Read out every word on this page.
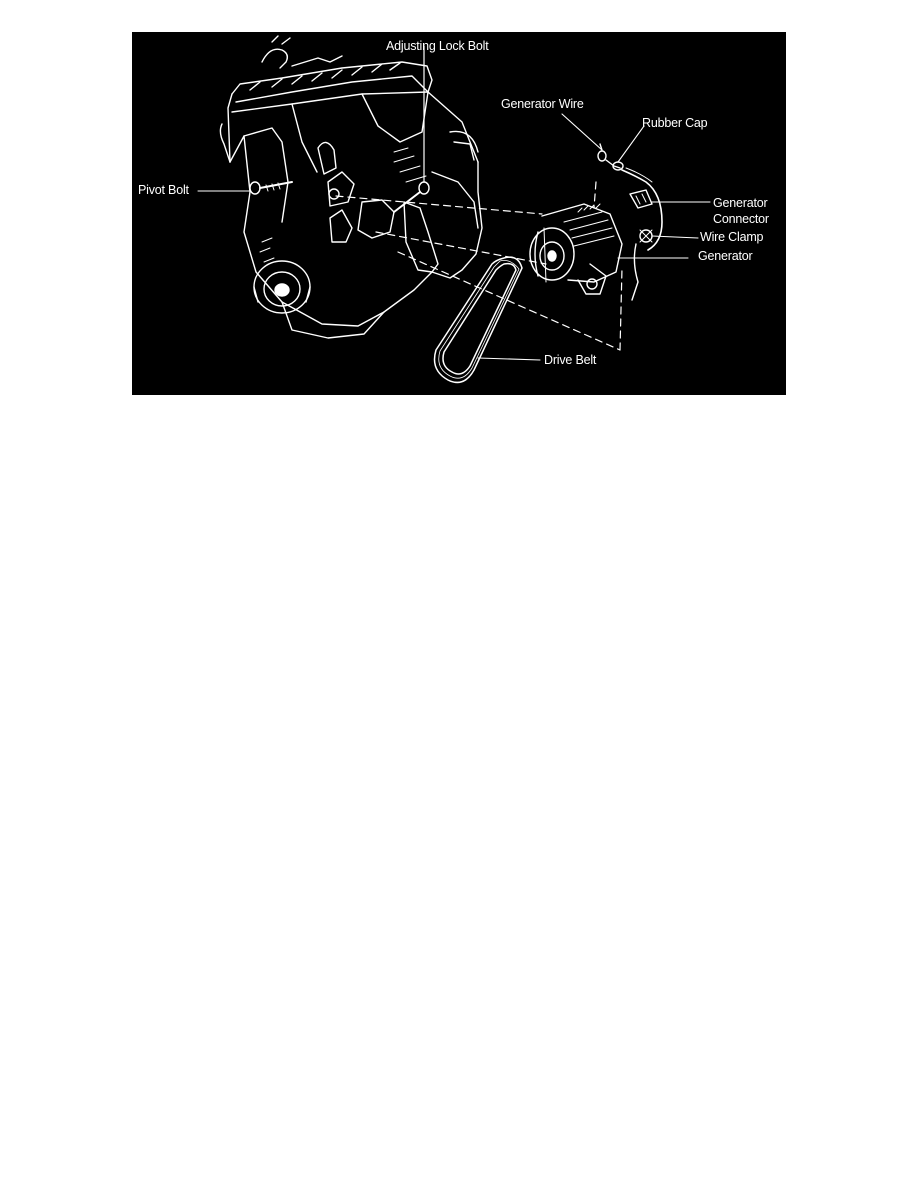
Adjusting Lock Bolt
Generator Wire
Rubber Cap
Pivot Bolt
Generator
Connector
Wire Clamp
Generator
Drive Belt
